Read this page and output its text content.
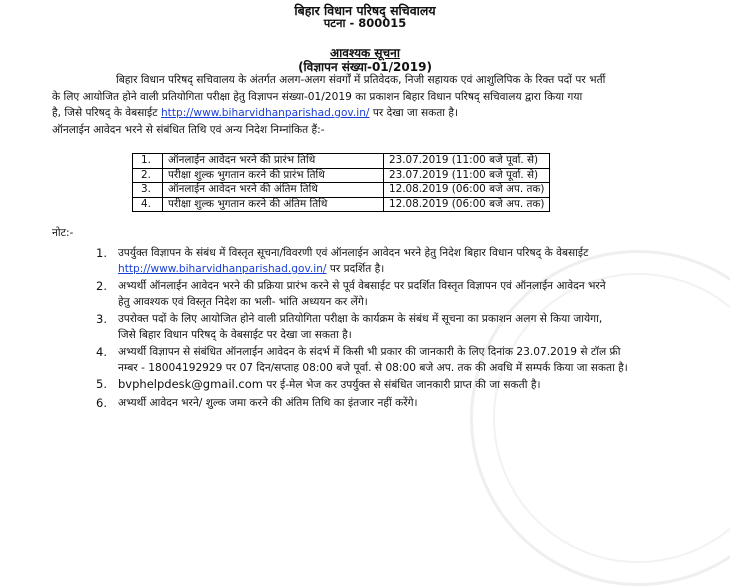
बिहार विधान परिषद् सचिवालय
पटना - 800015
आवश्यक सूचना
(विज्ञापन संख्या-01/2019)
बिहार विधान परिषद् सचिवालय के अंतर्गत अलग-अलग संवर्गों में प्रतिवेदक, निजी सहायक एवं आशुलिपिक के रिक्त पदों पर भर्ती
के लिए आयोजित होने वाली प्रतियोगिता परीक्षा हेतु विज्ञापन संख्या-01/2019 का प्रकाशन बिहार विधान परिषद् सचिवालय द्वारा किया गया
है, जिसे परिषद् के वेबसाईट http://www.biharvidhanparishad.gov.in/ पर देखा जा सकता है।
ऑनलाईन आवेदन भरने से संबंधित तिथि एवं अन्य निदेश निम्नांकित हैं:-
1.	ऑनलाईन आवेदन भरने की प्रारंभ तिथि	23.07.2019 (11:00 बजे पूर्वा. से)
2.	परीक्षा शुल्क भुगतान करने की प्रारंभ तिथि	23.07.2019 (11:00 बजे पूर्वा. से)
3.	ऑनलाईन आवेदन भरने की अंतिम तिथि	12.08.2019 (06:00 बजे अप. तक)
4.	परीक्षा शुल्क भुगतान करने की अंतिम तिथि	12.08.2019 (06:00 बजे अप. तक)
नोट:-
1. उपर्युक्त विज्ञापन के संबंध में विस्तृत सूचना/विवरणी एवं ऑनलाईन आवेदन भरने हेतु निदेश बिहार विधान परिषद् के वेबसाईट
http://www.biharvidhanparishad.gov.in/ पर प्रदर्शित है।
2. अभ्यर्थी ऑनलाईन आवेदन भरने की प्रक्रिया प्रारंभ करने से पूर्व वेबसाईट पर प्रदर्शित विस्तृत विज्ञापन एवं ऑनलाईन आवेदन भरने
हेतु आवश्यक एवं विस्तृत निदेश का भली- भांति अध्ययन कर लेंगे।
3. उपरोक्त पदों के लिए आयोजित होने वाली प्रतियोगिता परीक्षा के कार्यक्रम के संबंध में सूचना का प्रकाशन अलग से किया जायेगा,
जिसे बिहार विधान परिषद् के वेबसाईट पर देखा जा सकता है।
4. अभ्यर्थी विज्ञापन से संबंधित ऑनलाईन आवेदन के संदर्भ में किसी भी प्रकार की जानकारी के लिए दिनांक 23.07.2019 से टॉल फ्री
नम्बर - 18004192929 पर 07 दिन/सप्ताह 08:00 बजे पूर्वा. से 08:00 बजे अप. तक की अवधि में सम्पर्क किया जा सकता है।
5. bvphelpdesk@gmail.com पर ई-मेल भेज कर उपर्युक्त से संबंधित जानकारी प्राप्त की जा सकती है।
6. अभ्यर्थी आवेदन भरने/ शुल्क जमा करने की अंतिम तिथि का इंतजार नहीं करेंगे।
